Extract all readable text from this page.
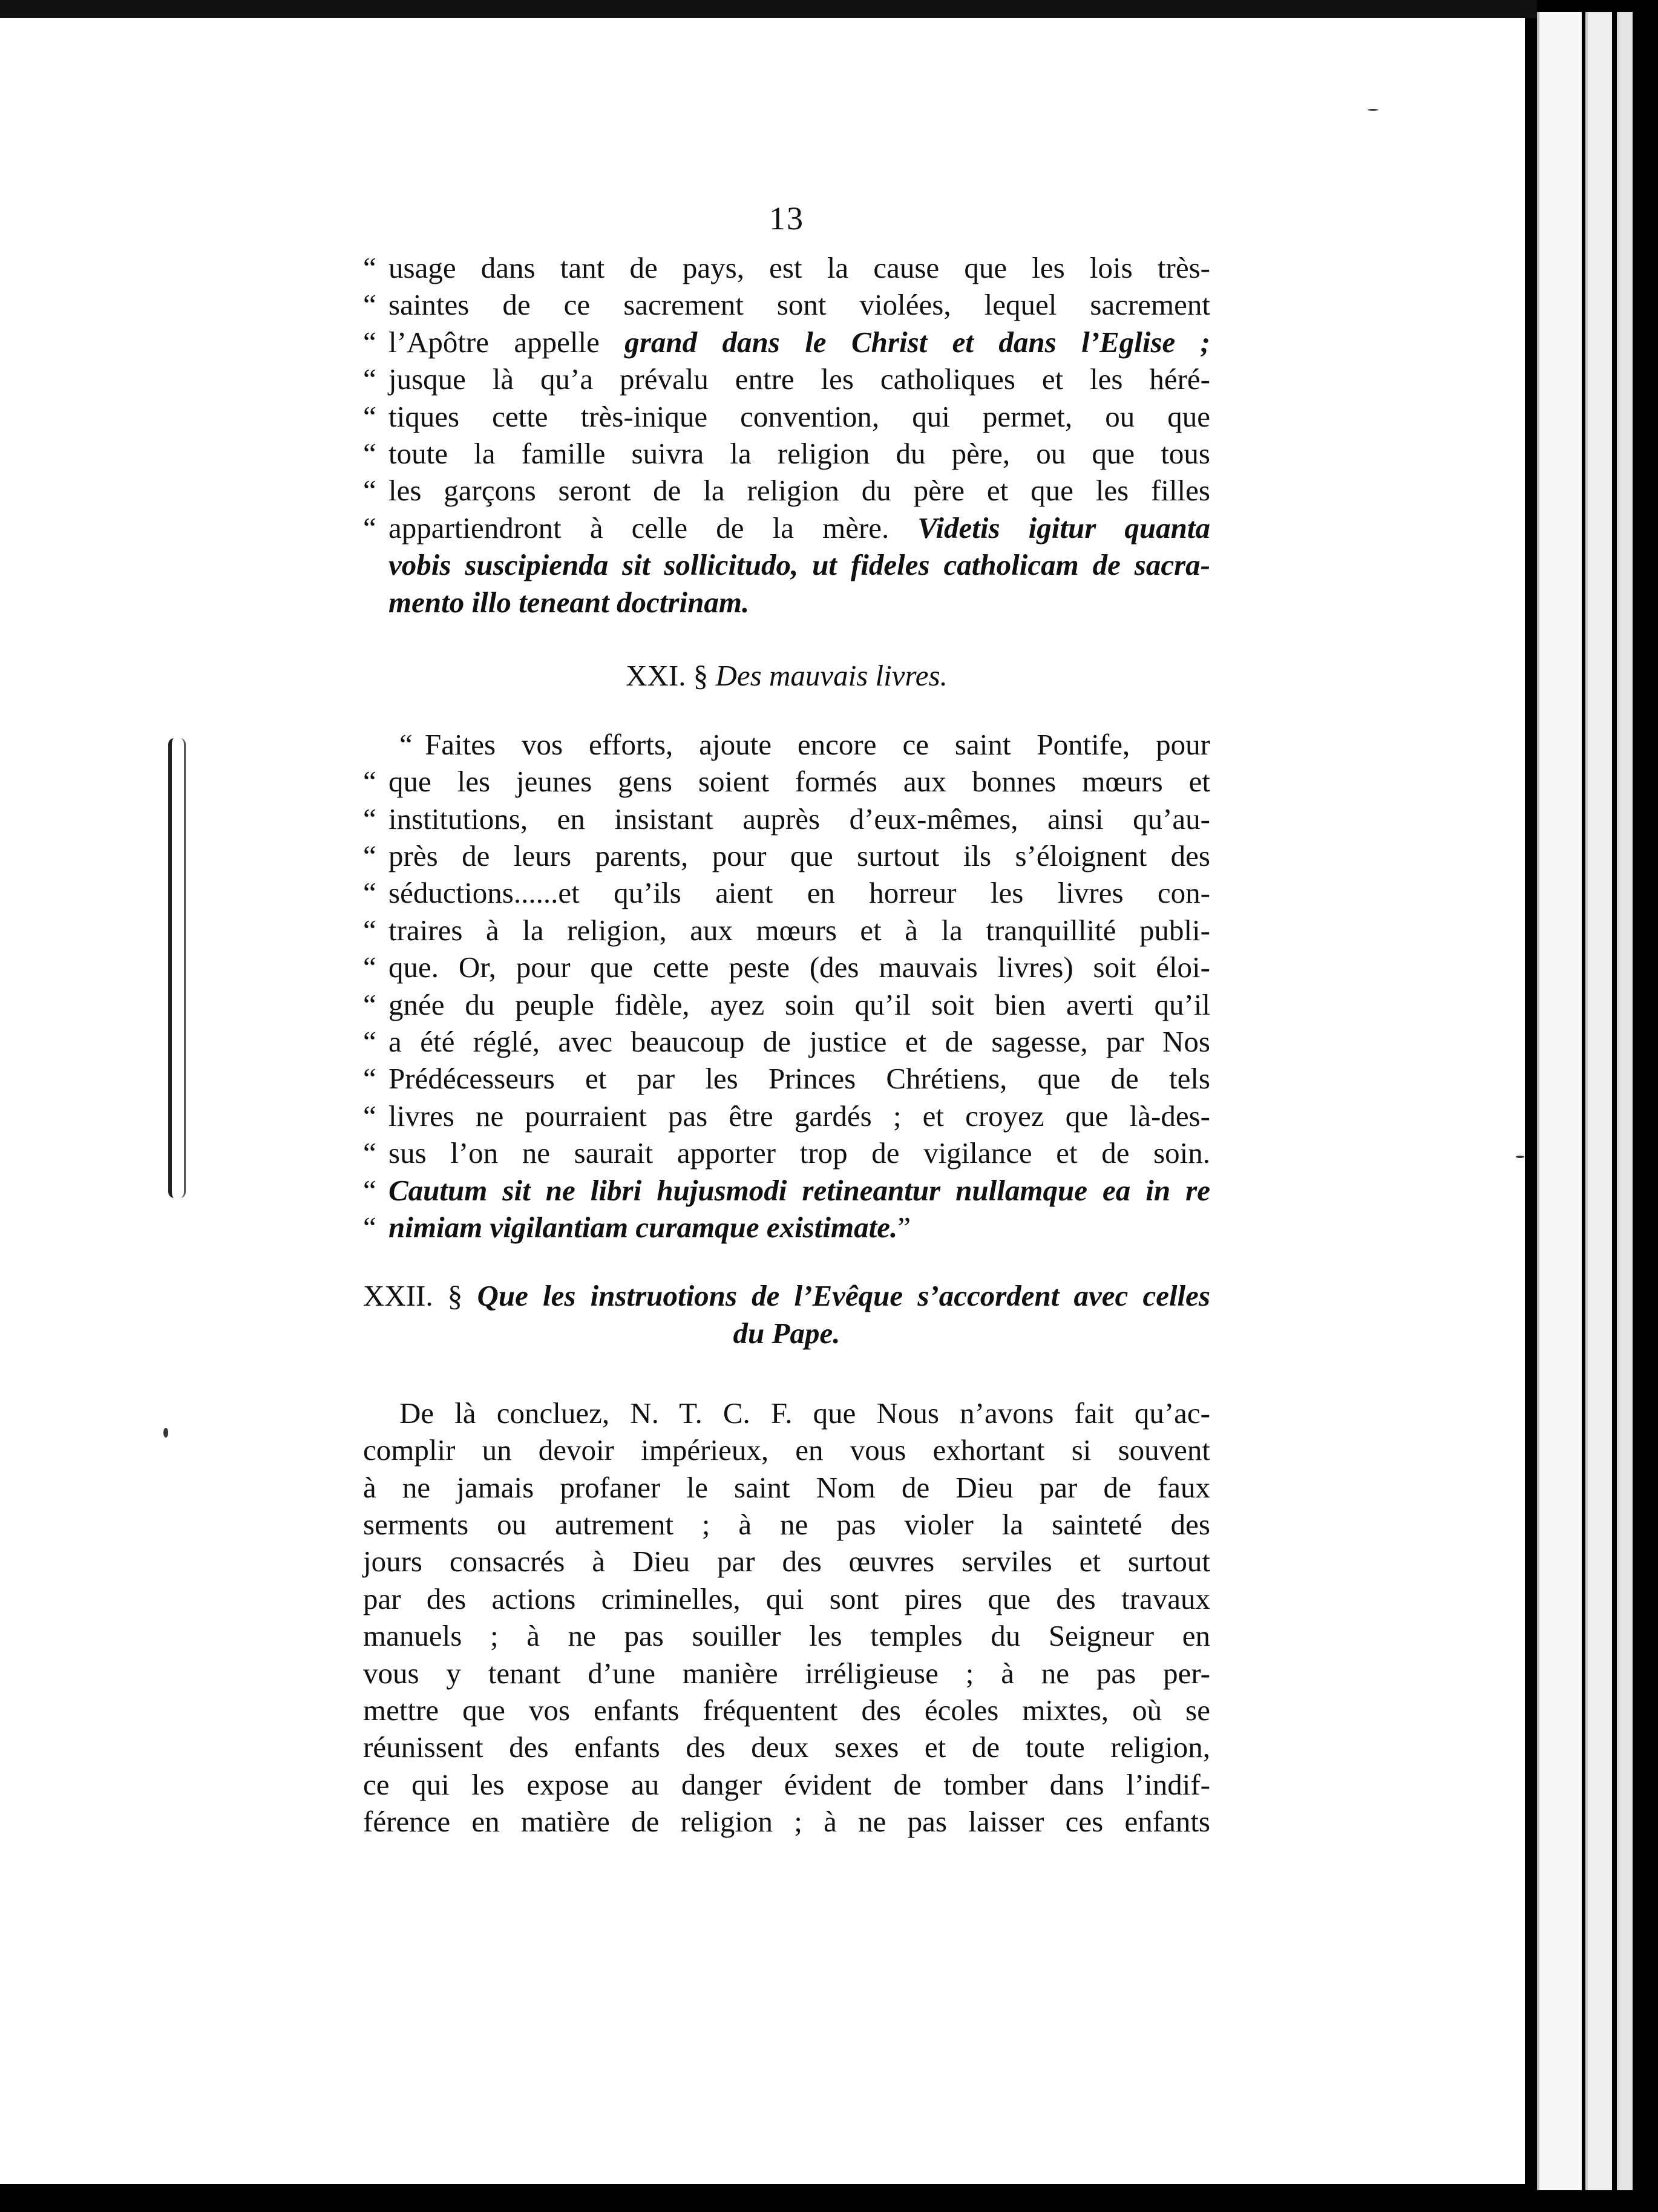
13
“ usage dans tant de pays, est la cause que les lois très-
“ saintes de ce sacrement sont violées, lequel sacrement
“ l’Apôtre appelle grand dans le Christ et dans l’Eglise ;
“ jusque là qu’a prévalu entre les catholiques et les héré-
“ tiques cette très-inique convention, qui permet, ou que
“ toute la famille suivra la religion du père, ou que tous
“ les garçons seront de la religion du père et que les filles
“ appartiendront à celle de la mère. Videtis igitur quanta
vobis suscipienda sit sollicitudo, ut fideles catholicam de sacra-
mento illo teneant doctrinam.
XXI. § Des mauvais livres.
“ Faites vos efforts, ajoute encore ce saint Pontife, pour
“ que les jeunes gens soient formés aux bonnes mœurs et
“ institutions, en insistant auprès d’eux-mêmes, ainsi qu’au-
“ près de leurs parents, pour que surtout ils s’éloignent des
“ séductions......et qu’ils aient en horreur les livres con-
“ traires à la religion, aux mœurs et à la tranquillité publi-
“ que. Or, pour que cette peste (des mauvais livres) soit éloi-
“ gnée du peuple fidèle, ayez soin qu’il soit bien averti qu’il
“ a été réglé, avec beaucoup de justice et de sagesse, par Nos
“ Prédécesseurs et par les Princes Chrétiens, que de tels
“ livres ne pourraient pas être gardés ; et croyez que là-des-
“ sus l’on ne saurait apporter trop de vigilance et de soin.
“ Cautum sit ne libri hujusmodi retineantur nullamque ea in re
“ nimiam vigilantiam curamque existimate.”
XXII. § Que les instruotions de l’Evêque s’accordent avec celles
du Pape.
De là concluez, N. T. C. F. que Nous n’avons fait qu’ac-
complir un devoir impérieux, en vous exhortant si souvent
à ne jamais profaner le saint Nom de Dieu par de faux
serments ou autrement ; à ne pas violer la sainteté des
jours consacrés à Dieu par des œuvres serviles et surtout
par des actions criminelles, qui sont pires que des travaux
manuels ; à ne pas souiller les temples du Seigneur en
vous y tenant d’une manière irréligieuse ; à ne pas per-
mettre que vos enfants fréquentent des écoles mixtes, où se
réunissent des enfants des deux sexes et de toute religion,
ce qui les expose au danger évident de tomber dans l’indif-
férence en matière de religion ; à ne pas laisser ces enfants
